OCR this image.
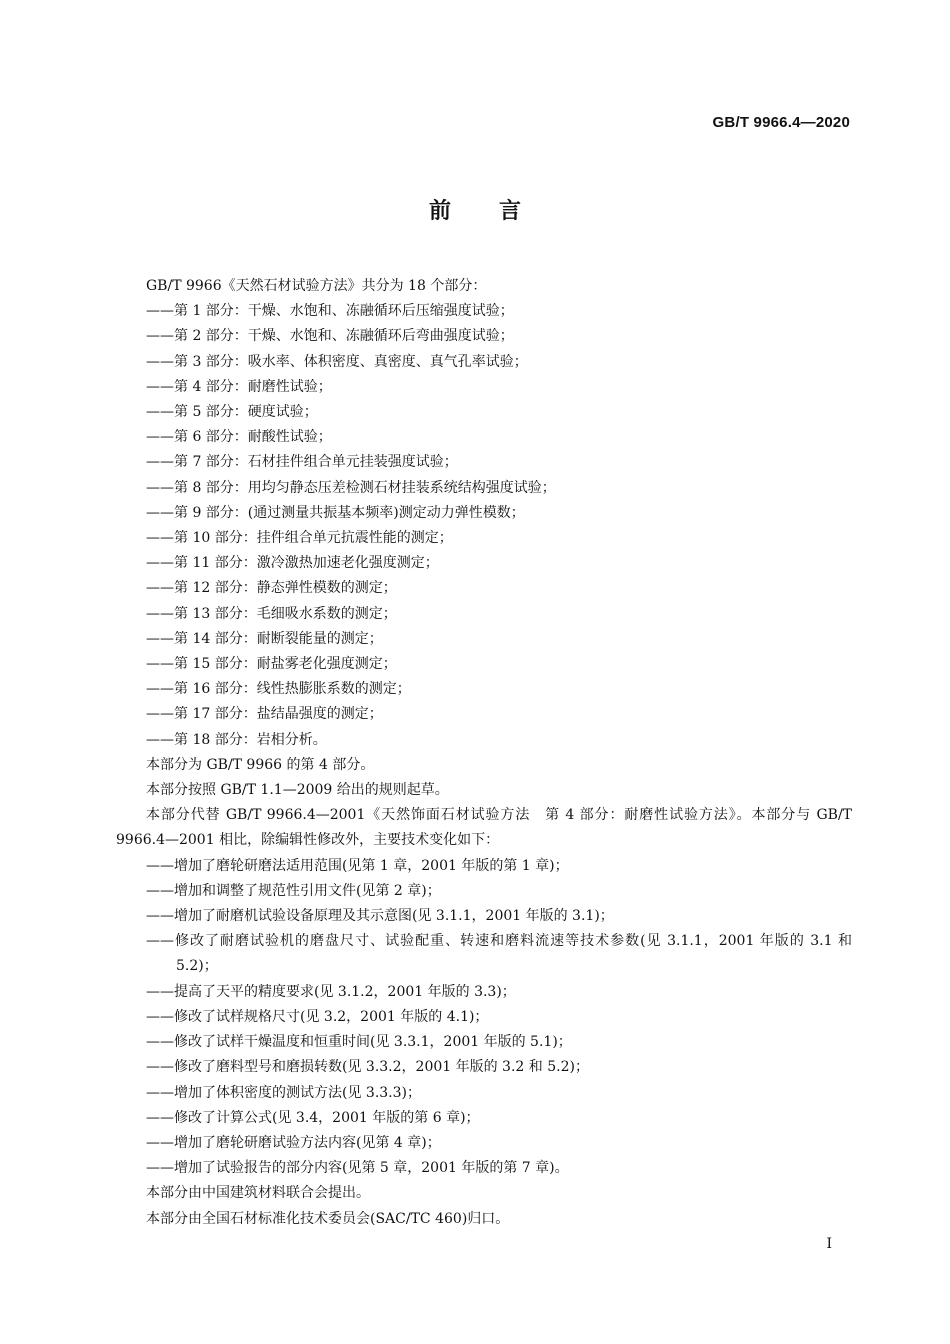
GB/T 9966.4—2020
前言

GB/T 9966《天然石材试验方法》共分为 18 个部分：

——第 1 部分：干燥、水饱和、冻融循环后压缩强度试验；

——第 2 部分：干燥、水饱和、冻融循环后弯曲强度试验；

——第 3 部分：吸水率、体积密度、真密度、真气孔率试验；

——第 4 部分：耐磨性试验；

——第 5 部分：硬度试验；

——第 6 部分：耐酸性试验；

——第 7 部分：石材挂件组合单元挂装强度试验；

——第 8 部分：用均匀静态压差检测石材挂装系统结构强度试验；

——第 9 部分：(通过测量共振基本频率)测定动力弹性模数；

——第 10 部分：挂件组合单元抗震性能的测定；

——第 11 部分：激冷激热加速老化强度测定；

——第 12 部分：静态弹性模数的测定；

——第 13 部分：毛细吸水系数的测定；

——第 14 部分：耐断裂能量的测定；

——第 15 部分：耐盐雾老化强度测定；

——第 16 部分：线性热膨胀系数的测定；

——第 17 部分：盐结晶强度的测定；

——第 18 部分：岩相分析。

本部分为 GB/T 9966 的第 4 部分。

本部分按照 GB/T 1.1—2009 给出的规则起草。

本部分代替 GB/T 9966.4—2001《天然饰面石材试验方法　第 4 部分：耐磨性试验方法》。本部分与 GB/T 9966.4—2001 相比，除编辑性修改外，主要技术变化如下：

——增加了磨轮研磨法适用范围(见第 1 章，2001 年版的第 1 章)；

——增加和调整了规范性引用文件(见第 2 章)；

——增加了耐磨机试验设备原理及其示意图(见 3.1.1，2001 年版的 3.1)；

——修改了耐磨试验机的磨盘尺寸、试验配重、转速和磨料流速等技术参数(见 3.1.1，2001 年版的 3.1 和 5.2)；

——提高了天平的精度要求(见 3.1.2，2001 年版的 3.3)；

——修改了试样规格尺寸(见 3.2，2001 年版的 4.1)；

——修改了试样干燥温度和恒重时间(见 3.3.1，2001 年版的 5.1)；

——修改了磨料型号和磨损转数(见 3.3.2，2001 年版的 3.2 和 5.2)；

——增加了体积密度的测试方法(见 3.3.3)；

——修改了计算公式(见 3.4，2001 年版的第 6 章)；

——增加了磨轮研磨试验方法内容(见第 4 章)；

——增加了试验报告的部分内容(见第 5 章，2001 年版的第 7 章)。

本部分由中国建筑材料联合会提出。

本部分由全国石材标准化技术委员会(SAC/TC 460)归口。

Ⅰ
